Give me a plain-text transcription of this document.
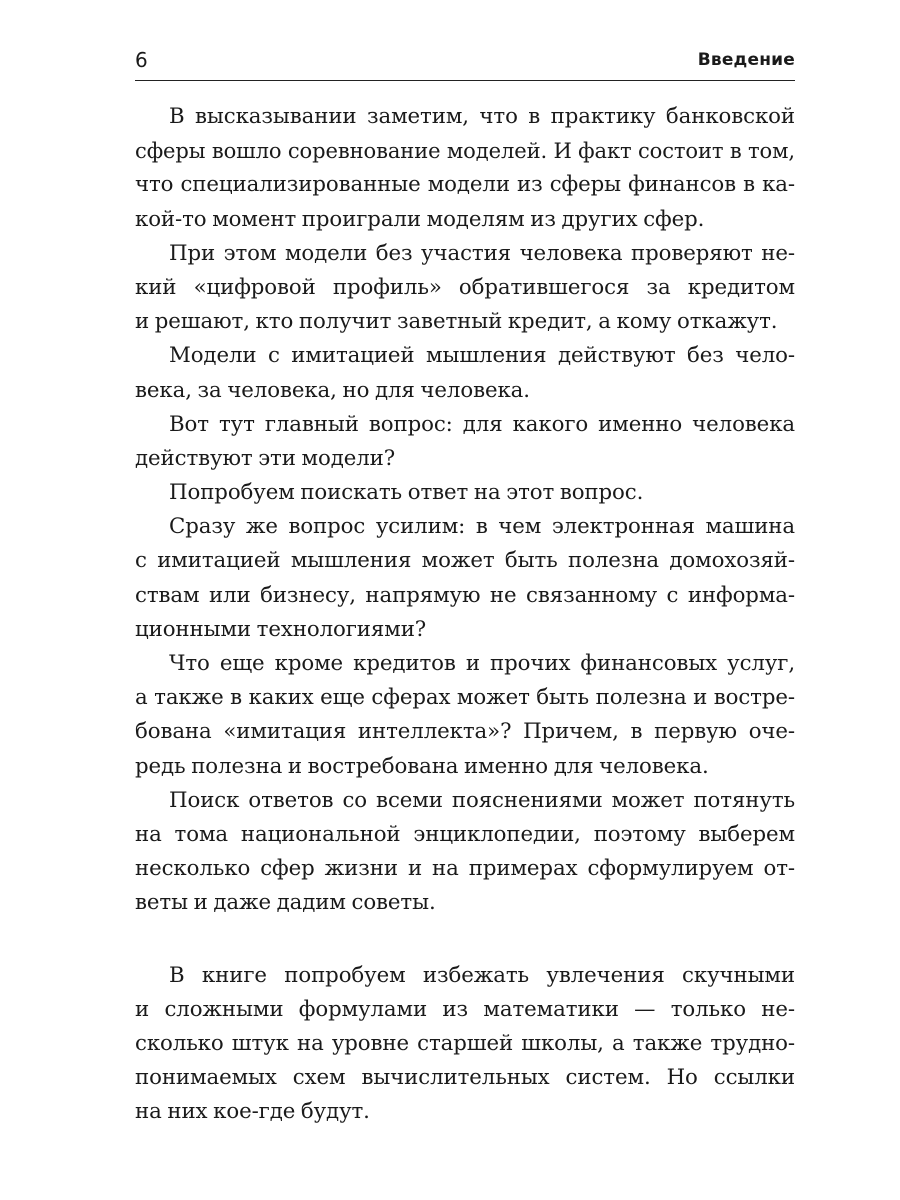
6	Введение
В высказывании заметим, что в практику банковской
сферы вошло соревнование моделей. И факт состоит в том,
что специализированные модели из сферы финансов в ка-
кой-то момент проиграли моделям из других сфер.
При этом модели без участия человека проверяют не-
кий «цифровой профиль» обратившегося за кредитом
и решают, кто получит заветный кредит, а кому откажут.
Модели с имитацией мышления действуют без чело-
века, за человека, но для человека.
Вот тут главный вопрос: для какого именно человека
действуют эти модели?
Попробуем поискать ответ на этот вопрос.
Сразу же вопрос усилим: в чем электронная машина
с имитацией мышления может быть полезна домохозяй-
ствам или бизнесу, напрямую не связанному с информа-
ционными технологиями?
Что еще кроме кредитов и прочих финансовых услуг,
а также в каких еще сферах может быть полезна и востре-
бована «имитация интеллекта»? Причем, в первую оче-
редь полезна и востребована именно для человека.
Поиск ответов со всеми пояснениями может потянуть
на тома национальной энциклопедии, поэтому выберем
несколько сфер жизни и на примерах сформулируем от-
веты и даже дадим советы.
В книге попробуем избежать увлечения скучными
и сложными формулами из математики — только не-
сколько штук на уровне старшей школы, а также трудно-
понимаемых схем вычислительных систем. Но ссылки
на них кое-где будут.
